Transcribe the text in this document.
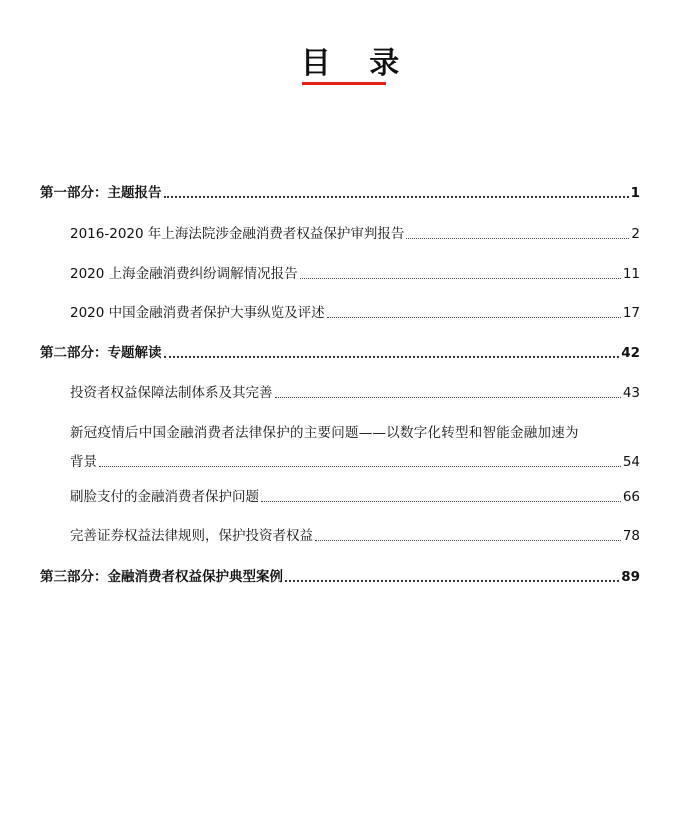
目 录
第一部分：主题报告	1
2016-2020 年上海法院涉金融消费者权益保护审判报告	2
2020 上海金融消费纠纷调解情况报告	11
2020 中国金融消费者保护大事纵览及评述	17
第二部分：专题解读	42
投资者权益保障法制体系及其完善	43
新冠疫情后中国金融消费者法律保护的主要问题——以数字化转型和智能金融加速为
背景	54
刷脸支付的金融消费者保护问题	66
完善证券权益法律规则，保护投资者权益	78
第三部分：金融消费者权益保护典型案例	89
